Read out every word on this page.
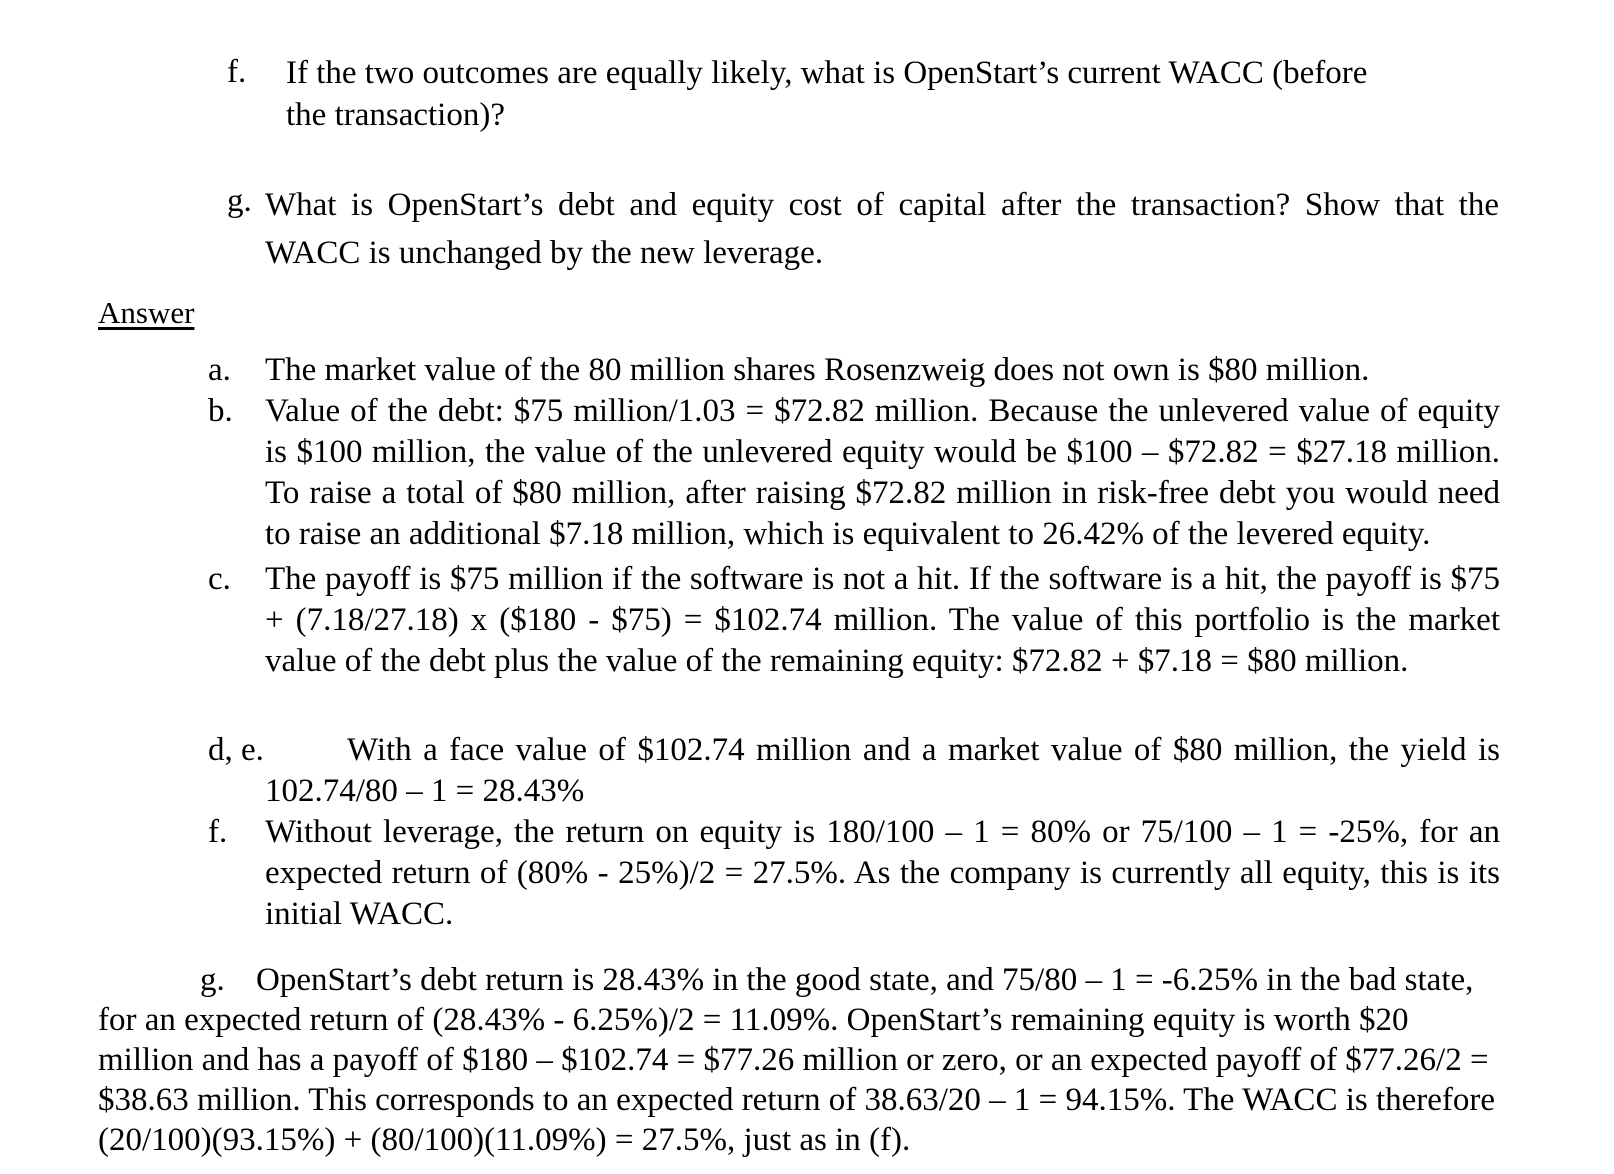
f. If the two outcomes are equally likely, what is OpenStart’s current WACC (before the transaction)?
g. What is OpenStart’s debt and equity cost of capital after the transaction? Show that the WACC is unchanged by the new leverage.
Answer
a. The market value of the 80 million shares Rosenzweig does not own is $80 million.
b. Value of the debt: $75 million/1.03 = $72.82 million. Because the unlevered value of equity is $100 million, the value of the unlevered equity would be $100 – $72.82 = $27.18 million. To raise a total of $80 million, after raising $72.82 million in risk-free debt you would need to raise an additional $7.18 million, which is equivalent to 26.42% of the levered equity.
c. The payoff is $75 million if the software is not a hit. If the software is a hit, the payoff is $75 + (7.18/27.18) x ($180 - $75) = $102.74 million. The value of this portfolio is the market value of the debt plus the value of the remaining equity: $72.82 + $7.18 = $80 million.
d, e.	With a face value of $102.74 million and a market value of $80 million, the yield is 102.74/80 – 1 = 28.43%
f. Without leverage, the return on equity is 180/100 – 1 = 80% or 75/100 – 1 = -25%, for an expected return of (80% - 25%)/2 = 27.5%. As the company is currently all equity, this is its initial WACC.
g. OpenStart’s debt return is 28.43% in the good state, and 75/80 – 1 = -6.25% in the bad state, for an expected return of (28.43% - 6.25%)/2 = 11.09%. OpenStart’s remaining equity is worth $20 million and has a payoff of $180 – $102.74 = $77.26 million or zero, or an expected payoff of $77.26/2 = $38.63 million. This corresponds to an expected return of 38.63/20 – 1 = 94.15%. The WACC is therefore (20/100)(93.15%) + (80/100)(11.09%) = 27.5%, just as in (f).
